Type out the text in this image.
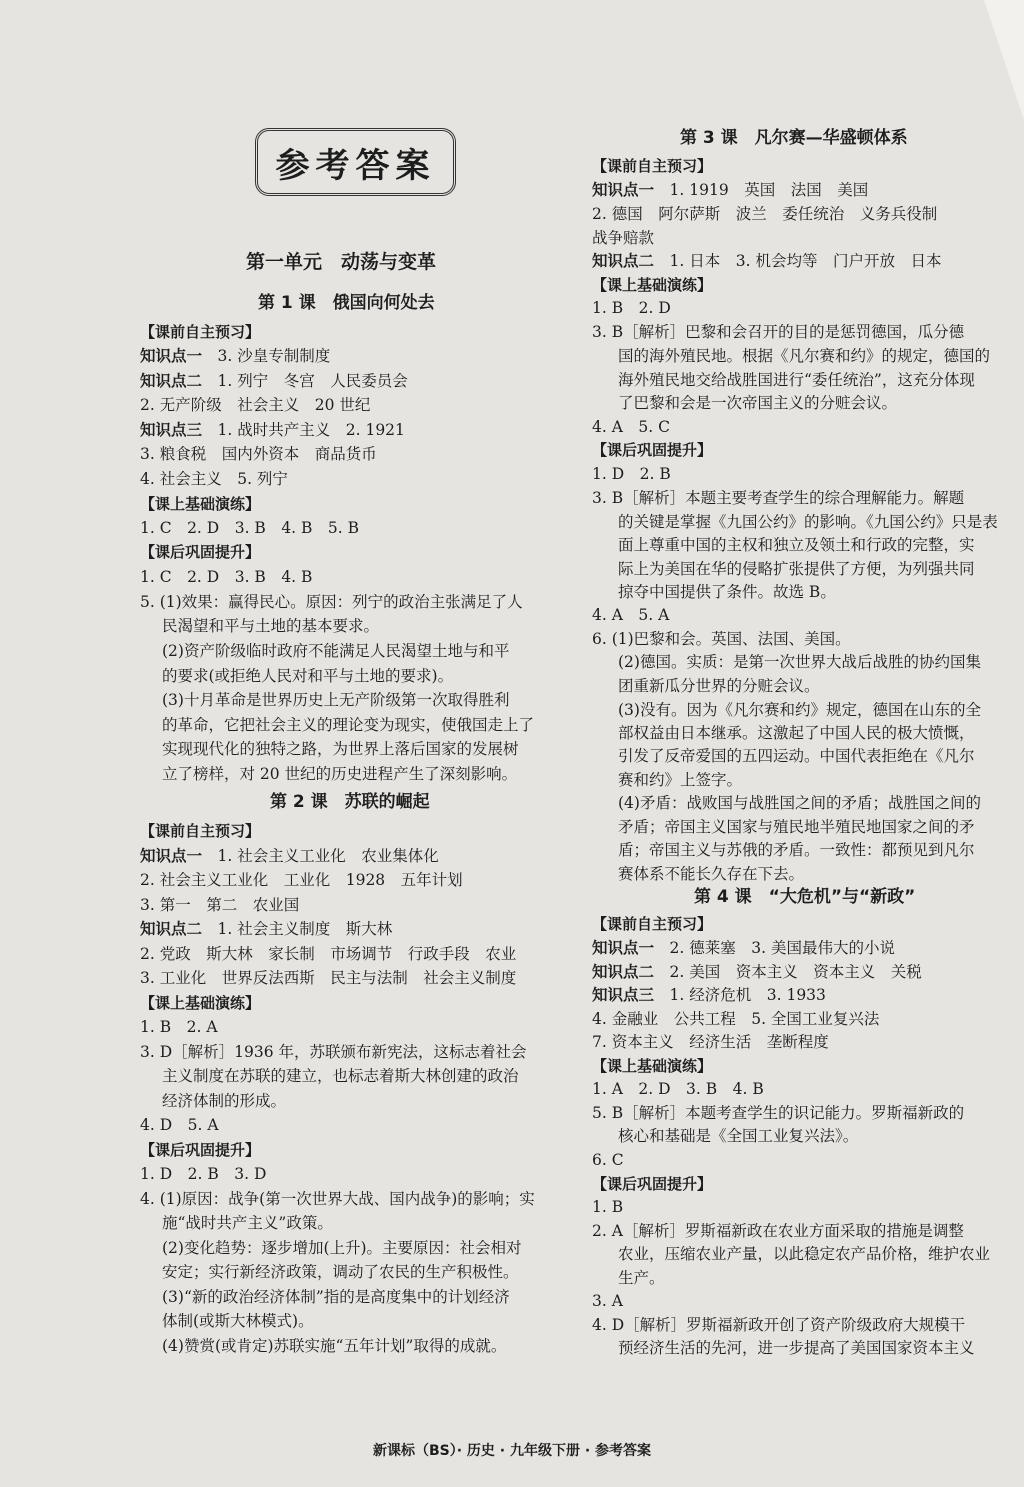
参考答案
第一单元　动荡与变革
第 1 课　俄国向何处去
【课前自主预习】
知识点一　 3. 沙皇专制制度
知识点二　 1. 列宁　冬宫　人民委员会
2. 无产阶级　社会主义　20 世纪
知识点三　 1. 战时共产主义　2. 1921
3. 粮食税　国内外资本　商品货币
4. 社会主义　5. 列宁
【课上基础演练】
1. C　2. D　3. B　4. B　5. B
【课后巩固提升】
1. C　2. D　3. B　4. B
5. (1)效果：赢得民心。原因：列宁的政治主张满足了人
民渴望和平与土地的基本要求。
(2)资产阶级临时政府不能满足人民渴望土地与和平
的要求(或拒绝人民对和平与土地的要求)。
(3)十月革命是世界历史上无产阶级第一次取得胜利
的革命，它把社会主义的理论变为现实，使俄国走上了
实现现代化的独特之路，为世界上落后国家的发展树
立了榜样，对 20 世纪的历史进程产生了深刻影响。
第 2 课　苏联的崛起
【课前自主预习】
知识点一　 1. 社会主义工业化　农业集体化
2. 社会主义工业化　工业化　1928　五年计划
3. 第一　第二　农业国
知识点二　 1. 社会主义制度　斯大林
2. 党政　斯大林　家长制　市场调节　行政手段　农业
3. 工业化　世界反法西斯　民主与法制　社会主义制度
【课上基础演练】
1. B　2. A
3. D［解析］1936 年，苏联颁布新宪法，这标志着社会
主义制度在苏联的建立，也标志着斯大林创建的政治
经济体制的形成。
4. D　5. A
【课后巩固提升】
1. D　2. B　3. D
4. (1)原因：战争(第一次世界大战、国内战争)的影响；实
施“战时共产主义”政策。
(2)变化趋势：逐步增加(上升)。主要原因：社会相对
安定；实行新经济政策，调动了农民的生产积极性。
(3)“新的政治经济体制”指的是高度集中的计划经济
体制(或斯大林模式)。
(4)赞赏(或肯定)苏联实施“五年计划”取得的成就。
第 3 课　凡尔赛—华盛顿体系
【课前自主预习】
知识点一　 1. 1919　英国　法国　美国
2. 德国　阿尔萨斯　波兰　委任统治　义务兵役制
战争赔款
知识点二　 1. 日本　3. 机会均等　门户开放　日本
【课上基础演练】
1. B　2. D
3. B［解析］巴黎和会召开的目的是惩罚德国，瓜分德
国的海外殖民地。根据《凡尔赛和约》的规定，德国的
海外殖民地交给战胜国进行“委任统治”，这充分体现
了巴黎和会是一次帝国主义的分赃会议。
4. A　5. C
【课后巩固提升】
1. D　2. B
3. B［解析］本题主要考查学生的综合理解能力。解题
的关键是掌握《九国公约》的影响。《九国公约》只是表
面上尊重中国的主权和独立及领土和行政的完整，实
际上为美国在华的侵略扩张提供了方便，为列强共同
掠夺中国提供了条件。故选 B。
4. A　5. A
6. (1)巴黎和会。英国、法国、美国。
(2)德国。实质：是第一次世界大战后战胜的协约国集
团重新瓜分世界的分赃会议。
(3)没有。因为《凡尔赛和约》规定，德国在山东的全
部权益由日本继承。这激起了中国人民的极大愤慨，
引发了反帝爱国的五四运动。中国代表拒绝在《凡尔
赛和约》上签字。
(4)矛盾：战败国与战胜国之间的矛盾；战胜国之间的
矛盾；帝国主义国家与殖民地半殖民地国家之间的矛
盾；帝国主义与苏俄的矛盾。一致性：都预见到凡尔
赛体系不能长久存在下去。
第 4 课　“大危机”与“新政”
【课前自主预习】
知识点一　 2. 德莱塞　3. 美国最伟大的小说
知识点二　 2. 美国　资本主义　资本主义　关税
知识点三　 1. 经济危机　3. 1933
4. 金融业　公共工程　5. 全国工业复兴法
7. 资本主义　经济生活　垄断程度
【课上基础演练】
1. A　2. D　3. B　4. B
5. B［解析］本题考查学生的识记能力。罗斯福新政的
核心和基础是《全国工业复兴法》。
6. C
【课后巩固提升】
1. B
2. A［解析］罗斯福新政在农业方面采取的措施是调整
农业，压缩农业产量，以此稳定农产品价格，维护农业
生产。
3. A
4. D［解析］罗斯福新政开创了资产阶级政府大规模干
预经济生活的先河，进一步提高了美国国家资本主义
新课标（BS）· 历史 · 九年级下册 · 参考答案
